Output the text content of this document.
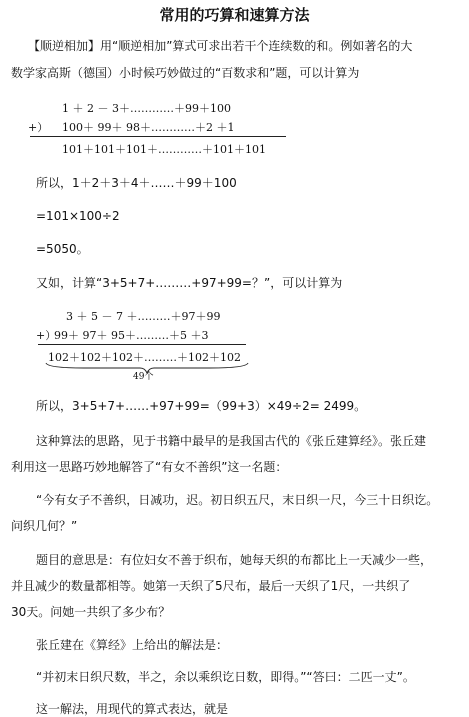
常用的巧算和速算方法
【顺逆相加】用“顺逆相加”算式可求出若干个连续数的和。例如著名的大
数学家高斯（德国）小时候巧妙做过的“百数求和”题，可以计算为
1 ＋ 2 － 3＋…………＋99＋100
+） 100＋ 99＋ 98＋…………＋2 ＋1
101＋101＋101＋…………＋101＋101
所以，1＋2＋3＋4＋……＋99＋100
=101×100÷2
=5050。
又如，计算“3+5+7+………+97+99=？”，可以计算为
3 ＋ 5 － 7 ＋………＋97＋99
+）
99＋ 97＋ 95＋………＋5 ＋3
102＋102＋102＋………＋102＋102
49个
所以，3+5+7+……+97+99=（99+3）×49÷2= 2499。
这种算法的思路，见于书籍中最早的是我国古代的《张丘建算经》。张丘建
利用这一思路巧妙地解答了“有女不善织”这一名题：
“今有女子不善织，日减功，迟。初日织五尺，末日织一尺，今三十日织讫。
问织几何？”
题目的意思是：有位妇女不善于织布，她每天织的布都比上一天减少一些，
并且减少的数量都相等。她第一天织了5尺布，最后一天织了1尺，一共织了
30天。问她一共织了多少布？
张丘建在《算经》上给出的解法是：
“并初末日织尺数，半之，余以乘织讫日数，即得。”“答曰：二匹一丈”。
这一解法，用现代的算式表达，就是
